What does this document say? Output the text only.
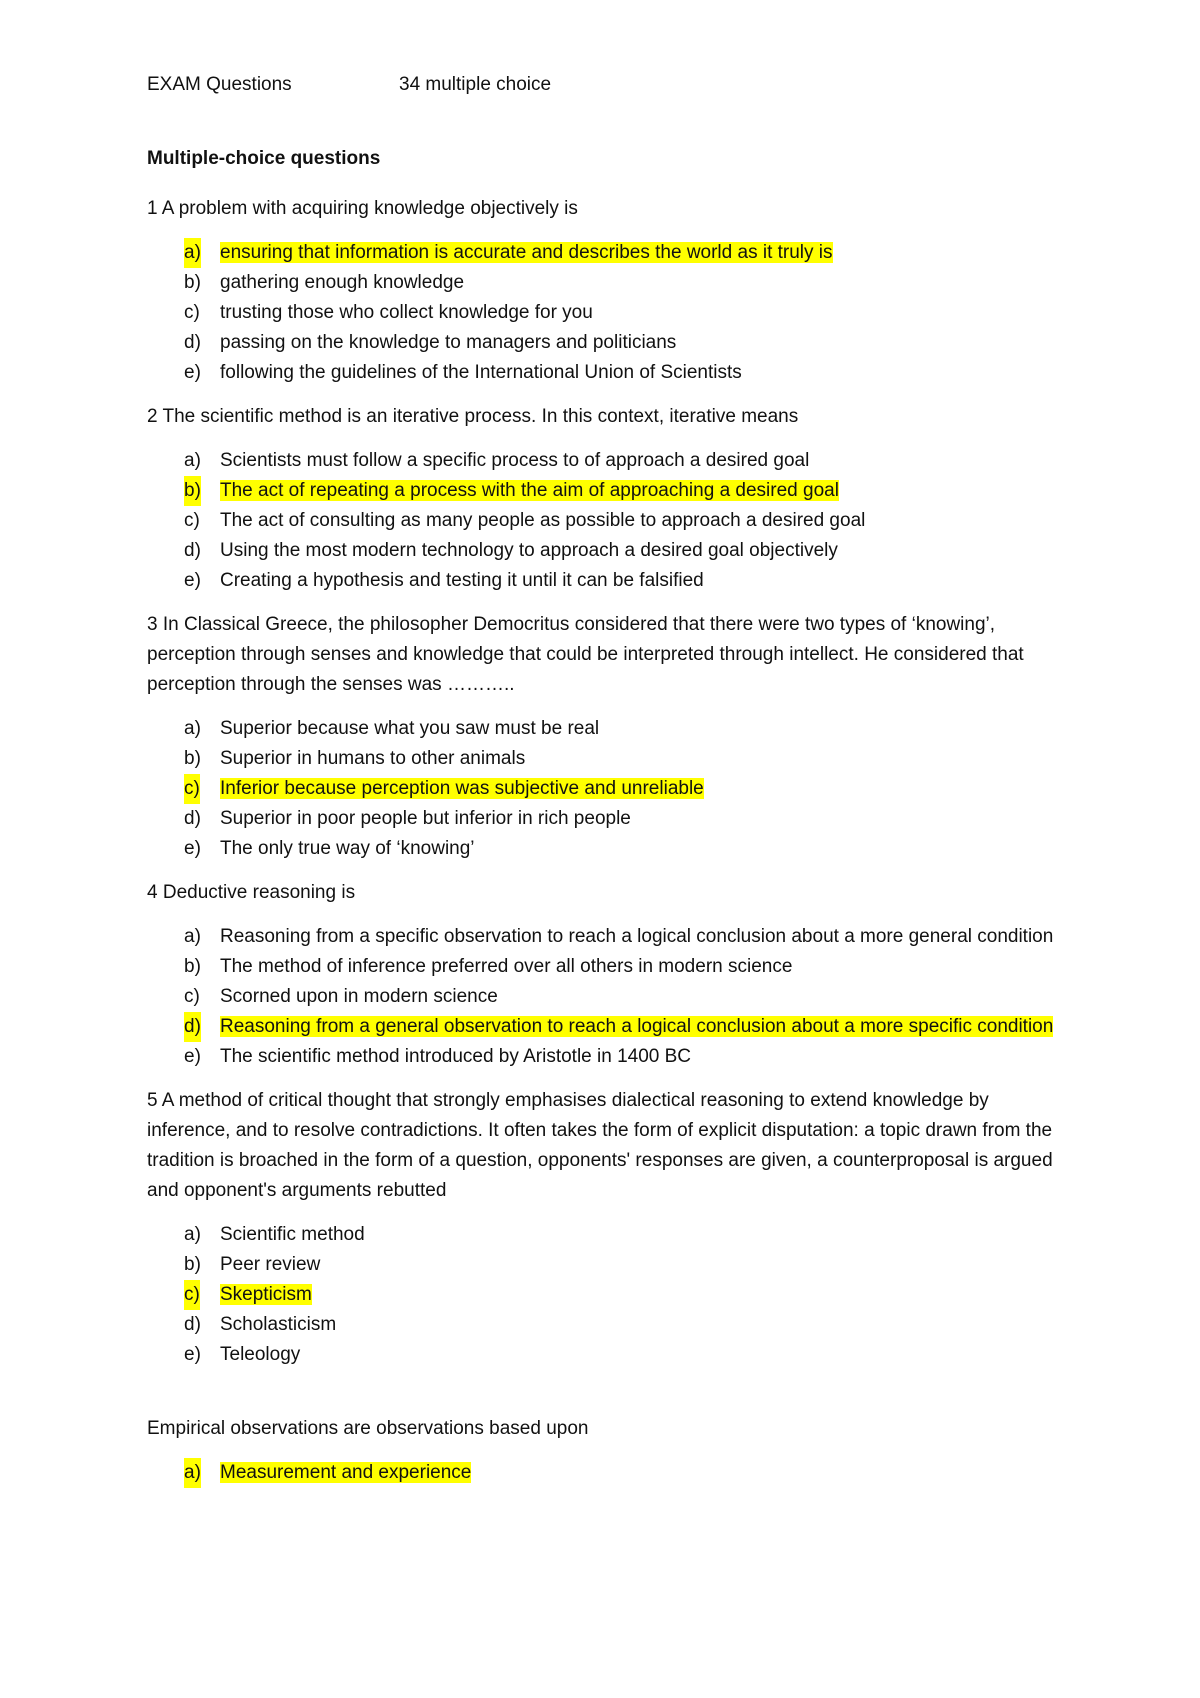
EXAM Questions	34 multiple choice
Multiple-choice questions

1 A problem with acquiring knowledge objectively is

a) ensuring that information is accurate and describes the world as it truly is
b) gathering enough knowledge
c) trusting those who collect knowledge for you
d) passing on the knowledge to managers and politicians
e) following the guidelines of the International Union of Scientists

2 The scientific method is an iterative process. In this context, iterative means

a) Scientists must follow a specific process to of approach a desired goal
b) The act of repeating a process with the aim of approaching a desired goal
c) The act of consulting as many people as possible to approach a desired goal
d) Using the most modern technology to approach a desired goal objectively
e) Creating a hypothesis and testing it until it can be falsified

3 In Classical Greece, the philosopher Democritus considered that there were two types of ‘knowing’, perception through senses and knowledge that could be interpreted through intellect. He considered that perception through the senses was ………..

a) Superior because what you saw must be real
b) Superior in humans to other animals
c) Inferior because perception was subjective and unreliable
d) Superior in poor people but inferior in rich people
e) The only true way of ‘knowing’

4 Deductive reasoning is

a) Reasoning from a specific observation to reach a logical conclusion about a more general condition
b) The method of inference preferred over all others in modern science
c) Scorned upon in modern science
d) Reasoning from a general observation to reach a logical conclusion about a more specific condition
e) The scientific method introduced by Aristotle in 1400 BC

5 A method of critical thought that strongly emphasises dialectical reasoning to extend knowledge by inference, and to resolve contradictions. It often takes the form of explicit disputation: a topic drawn from the tradition is broached in the form of a question, opponents' responses are given, a counterproposal is argued and opponent's arguments rebutted

a) Scientific method
b) Peer review
c) Skepticism
d) Scholasticism
e) Teleology

Empirical observations are observations based upon

a) Measurement and experience
